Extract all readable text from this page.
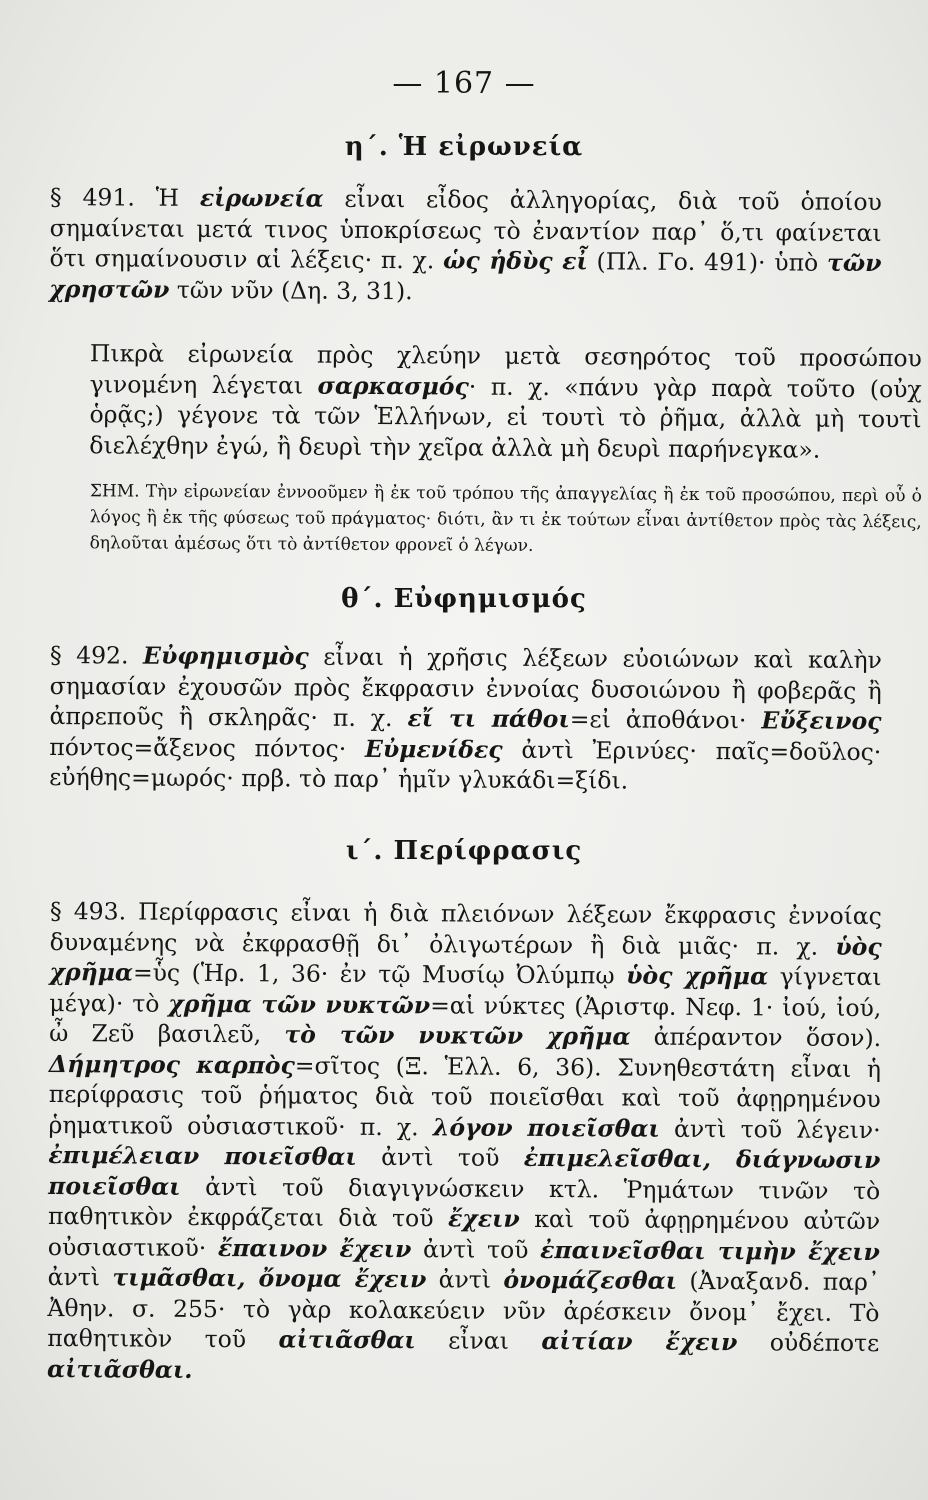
— 167 —
η΄. Ἡ εἰρωνεία
§ 491. Ἡ εἰρωνεία εἶναι εἶδος ἀλληγορίας, διὰ τοῦ ὁποίου σημαίνεται μετά τινος ὑποκρίσεως τὸ ἐναντίον παρ᾿ ὅ,τι φαίνεται ὅτι σημαίνουσιν αἱ λέξεις· π. χ. ὡς ἡδὺς εἶ (Πλ. Γο. 491)· ὑπὸ τῶν χρηστῶν τῶν νῦν (Δη. 3, 31).
Πικρὰ εἰρωνεία πρὸς χλεύην μετὰ σεσηρότος τοῦ προσώπου γινομένη λέγεται σαρκασμός· π. χ. «πάνυ γὰρ παρὰ τοῦτο (οὐχ ὁρᾷς;) γέγονε τὰ τῶν Ἑλλήνων, εἰ τουτὶ τὸ ῥῆμα, ἀλλὰ μὴ τουτὶ διελέχθην ἐγώ, ἢ δευρὶ τὴν χεῖρα ἀλλὰ μὴ δευρὶ παρήνεγκα».
ΣΗΜ. Τὴν εἰρωνείαν ἐννοοῦμεν ἢ ἐκ τοῦ τρόπου τῆς ἀπαγγελίας ἢ ἐκ τοῦ προσώπου, περὶ οὗ ὁ λόγος ἢ ἐκ τῆς φύσεως τοῦ πράγματος· διότι, ἂν τι ἐκ τούτων εἶναι ἀντίθετον πρὸς τὰς λέξεις, δηλοῦται ἀμέσως ὅτι τὸ ἀντίθετον φρονεῖ ὁ λέγων.
θ΄. Εὐφημισμός
§ 492. Εὐφημισμὸς εἶναι ἡ χρῆσις λέξεων εὐοιώνων καὶ καλὴν σημασίαν ἐχουσῶν πρὸς ἔκφρασιν ἐννοίας δυσοιώνου ἢ φοβερᾶς ἢ ἀπρεποῦς ἢ σκληρᾶς· π. χ. εἴ τι πάθοι=εἰ ἀποθάνοι· Εὔξεινος πόντος=ἄξενος πόντος· Εὐμενίδες ἀντὶ Ἐρινύες· παῖς=δοῦλος· εὐήθης=μωρός· πρβ. τὸ παρ᾿ ἡμῖν γλυκάδι=ξίδι.
ι΄. Περίφρασις
§ 493. Περίφρασις εἶναι ἡ διὰ πλειόνων λέξεων ἔκφρασις ἐννοίας δυναμένης νὰ ἐκφρασθῇ δι᾿ ὀλιγωτέρων ἢ διὰ μιᾶς· π. χ. ὑὸς χρῆμα=ὗς (Ἡρ. 1, 36· ἐν τῷ Μυσίῳ Ὀλύμπῳ ὑὸς χρῆμα γίγνεται μέγα)· τὸ χρῆμα τῶν νυκτῶν=αἱ νύκτες (Ἀριστφ. Νεφ. 1· ἰού, ἰού, ὦ Ζεῦ βασιλεῦ, τὸ τῶν νυκτῶν χρῆμα ἀπέραντον ὅσον). Δήμητρος καρπὸς=σῖτος (Ξ. Ἑλλ. 6, 36). Συνηθεστάτη εἶναι ἡ περίφρασις τοῦ ῥήματος διὰ τοῦ ποιεῖσθαι καὶ τοῦ ἀφῃρημένου ῥηματικοῦ οὐσιαστικοῦ· π. χ. λόγον ποιεῖσθαι ἀντὶ τοῦ λέγειν· ἐπιμέλειαν ποιεῖσθαι ἀντὶ τοῦ ἐπιμελεῖσθαι, διάγνωσιν ποιεῖσθαι ἀντὶ τοῦ διαγιγνώσκειν κτλ. Ῥημάτων τινῶν τὸ παθητικὸν ἐκφράζεται διὰ τοῦ ἔχειν καὶ τοῦ ἀφῃρημένου αὐτῶν οὐσιαστικοῦ· ἔπαινον ἔχειν ἀντὶ τοῦ ἐπαινεῖσθαι τιμὴν ἔχειν ἀντὶ τιμᾶσθαι, ὄνομα ἔχειν ἀντὶ ὀνομάζεσθαι (Ἀναξανδ. παρ᾿ Ἀθην. σ. 255· τὸ γὰρ κολακεύειν νῦν ἀρέσκειν ὄνομ᾿ ἔχει. Τὸ παθητικὸν τοῦ αἰτιᾶσθαι εἶναι αἰτίαν ἔχειν οὐδέποτε αἰτιᾶσθαι.
